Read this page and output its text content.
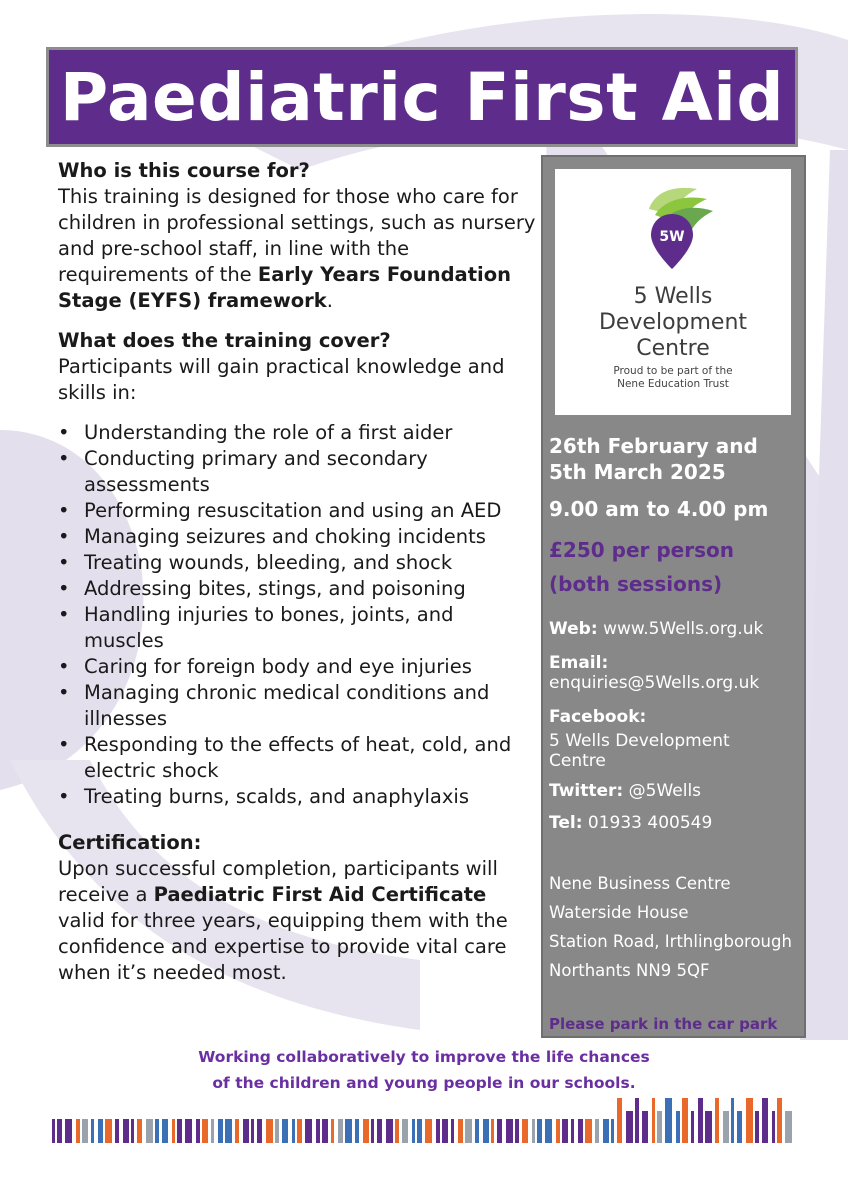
Paediatric First Aid
Who is this course for?

This training is designed for those who care for children in professional settings, such as nursery and pre-school staff, in line with the requirements of the Early Years Foundation Stage (EYFS) framework.

What does the training cover?

Participants will gain practical knowledge and skills in:

• Understanding the role of a first aider
• Conducting primary and secondary assessments
• Performing resuscitation and using an AED
• Managing seizures and choking incidents
• Treating wounds, bleeding, and shock
• Addressing bites, stings, and poisoning
• Handling injuries to bones, joints, and muscles
• Caring for foreign body and eye injuries
• Managing chronic medical conditions and illnesses
• Responding to the effects of heat, cold, and electric shock
• Treating burns, scalds, and anaphylaxis
Certification:

Upon successful completion, participants will receive a Paediatric First Aid Certificate valid for three years, equipping them with the confidence and expertise to provide vital care when it’s needed most.

5W
5 Wells
Development
Centre
Proud to be part of the
Nene Education Trust
26th February and
5th March 2025
9.00 am to 4.00 pm
£250 per person
(both sessions)
Web: www.5Wells.org.uk
Email:
enquiries@5Wells.org.uk
Facebook:
5 Wells Development
Centre
Twitter: @5Wells
Tel: 01933 400549
Nene Business Centre
Waterside House
Station Road, Irthlingborough
Northants NN9 5QF
Please park in the car park
Working collaboratively to improve the life chances
of the children and young people in our schools.
